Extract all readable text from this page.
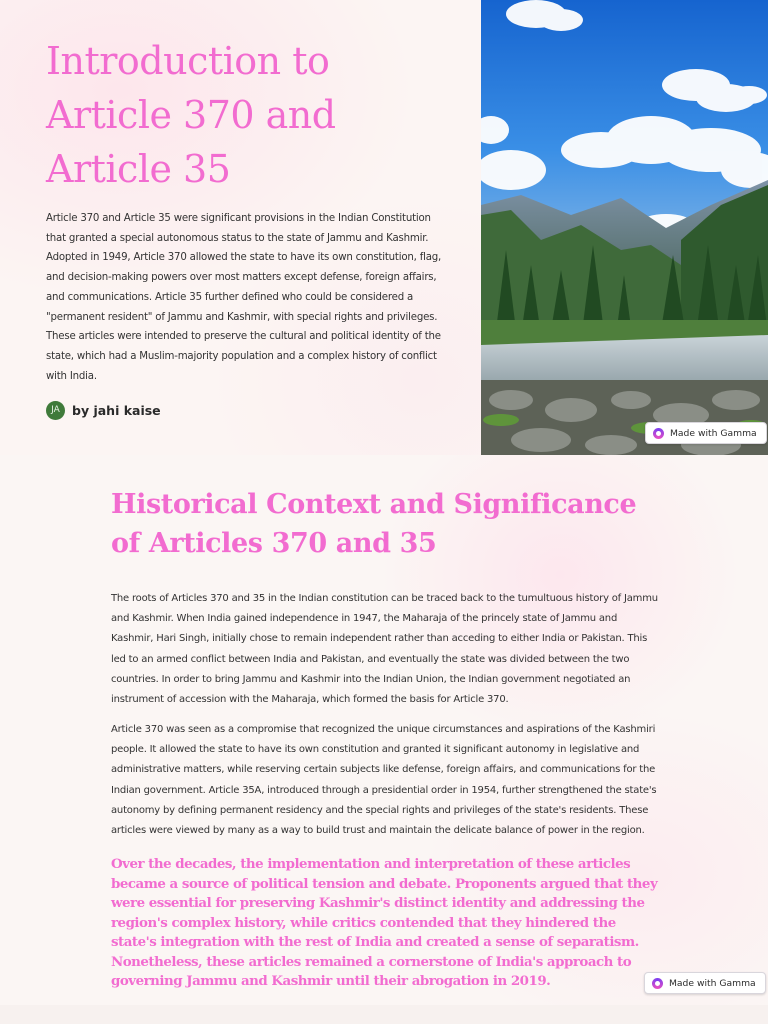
Introduction to Article 370 and Article 35

Article 370 and Article 35 were significant provisions in the Indian Constitution that granted a special autonomous status to the state of Jammu and Kashmir. Adopted in 1949, Article 370 allowed the state to have its own constitution, flag, and decision-making powers over most matters except defense, foreign affairs, and communications. Article 35 further defined who could be considered a "permanent resident" of Jammu and Kashmir, with special rights and privileges. These articles were intended to preserve the cultural and political identity of the state, which had a Muslim-majority population and a complex history of conflict with India.

JA by jahi kaise
Made with Gamma
Historical Context and Significance of Articles 370 and 35

The roots of Articles 370 and 35 in the Indian constitution can be traced back to the tumultuous history of Jammu and Kashmir. When India gained independence in 1947, the Maharaja of the princely state of Jammu and Kashmir, Hari Singh, initially chose to remain independent rather than acceding to either India or Pakistan. This led to an armed conflict between India and Pakistan, and eventually the state was divided between the two countries. In order to bring Jammu and Kashmir into the Indian Union, the Indian government negotiated an instrument of accession with the Maharaja, which formed the basis for Article 370.

Article 370 was seen as a compromise that recognized the unique circumstances and aspirations of the Kashmiri people. It allowed the state to have its own constitution and granted it significant autonomy in legislative and administrative matters, while reserving certain subjects like defense, foreign affairs, and communications for the Indian government. Article 35A, introduced through a presidential order in 1954, further strengthened the state's autonomy by defining permanent residency and the special rights and privileges of the state's residents. These articles were viewed by many as a way to build trust and maintain the delicate balance of power in the region.

Over the decades, the implementation and interpretation of these articles became a source of political tension and debate. Proponents argued that they were essential for preserving Kashmir's distinct identity and addressing the region's complex history, while critics contended that they hindered the state's integration with the rest of India and created a sense of separatism. Nonetheless, these articles remained a cornerstone of India's approach to governing Jammu and Kashmir until their abrogation in 2019.	Made with Gamma
